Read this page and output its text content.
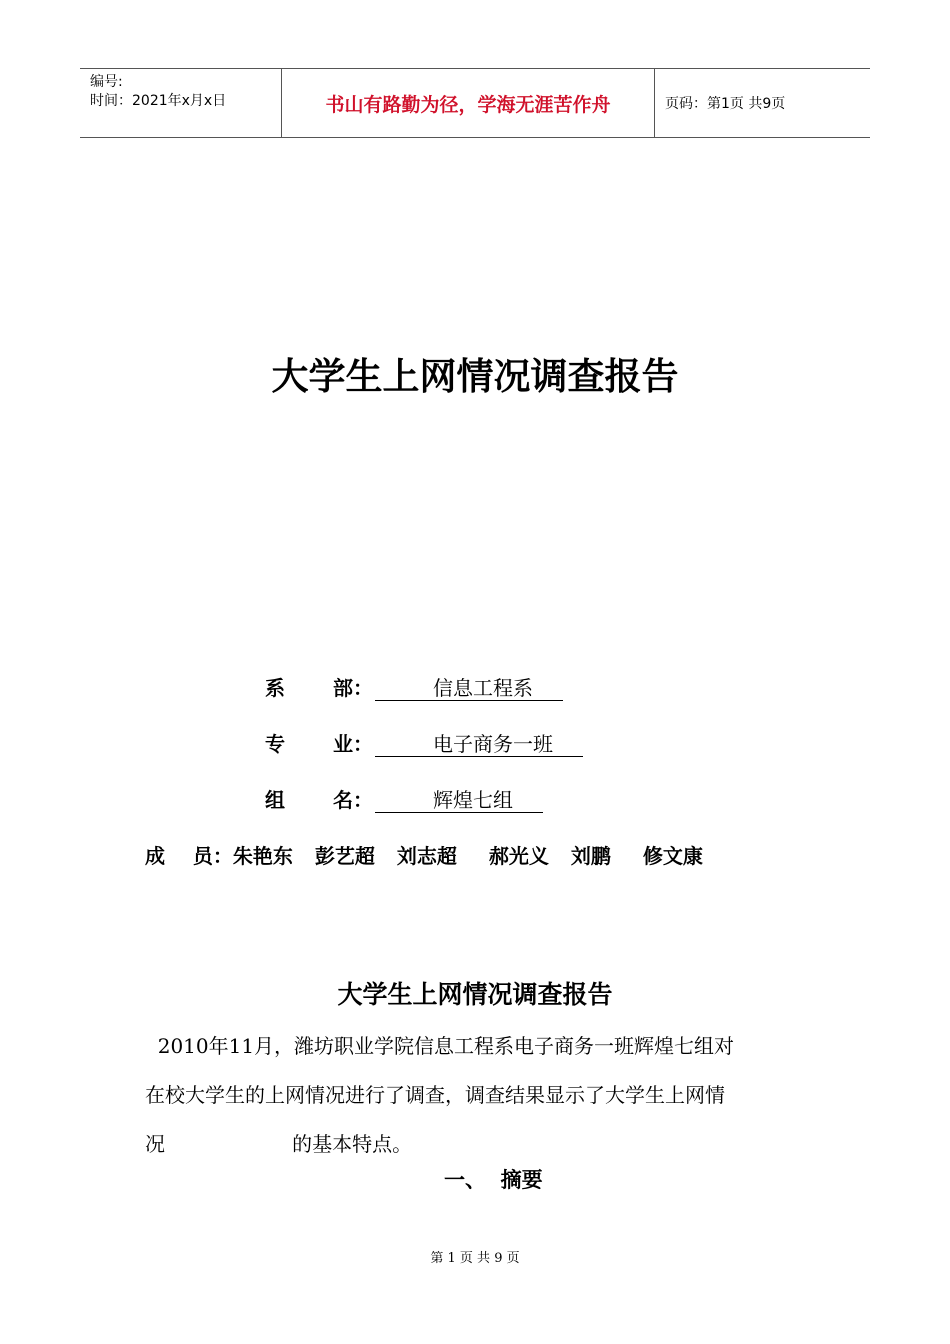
编号:
时间：2021年x月x日	书山有路勤为径，学海无涯苦作舟	页码：第1页 共9页
大学生上网情况调查报告
系 部：	信息工程系
专 业：	电子商务一班
组 名：	辉煌七组
成    员：朱艳东 彭艺超 刘志超 郝光义 刘鹏 修文康
大学生上网情况调查报告
2010年11月，潍坊职业学院信息工程系电子商务一班辉煌七组对
在校大学生的上网情况进行了调查，调查结果显示了大学生上网情
况                    的基本特点。
一、  摘要
第 1 页 共 9 页
